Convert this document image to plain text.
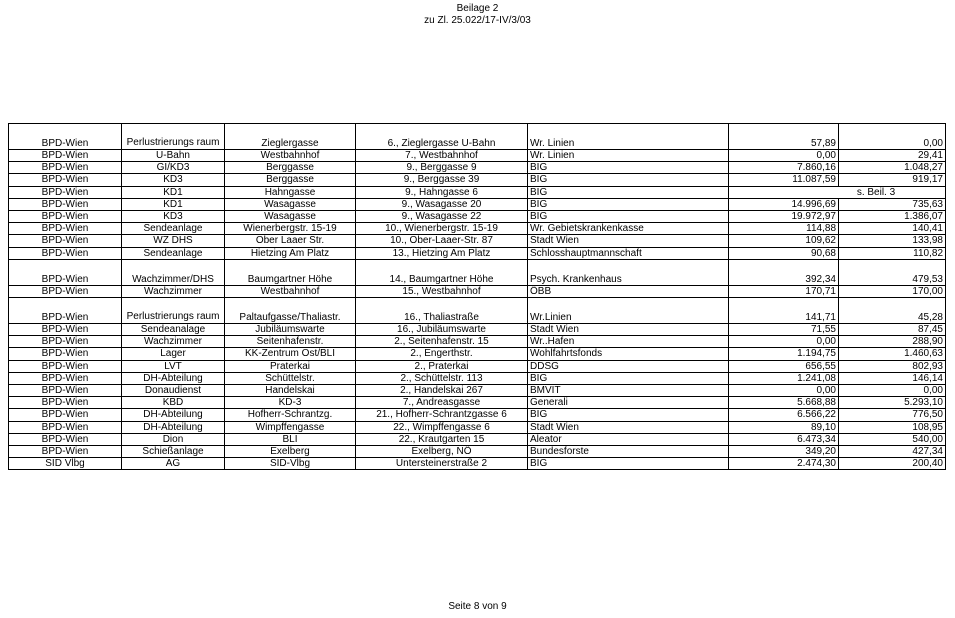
Beilage 2
zu Zl. 25.022/17-IV/3/03
BPD-Wien	Perlustrierungs raum	Zieglergasse	6., Zieglergasse U-Bahn	Wr. Linien	57,89	0,00
BPD-Wien	U-Bahn	Westbahnhof	7., Westbahnhof	Wr. Linien	0,00	29,41
BPD-Wien	GI/KD3	Berggasse	9., Berggasse 9	BIG	7.860,16	1.048,27
BPD-Wien	KD3	Berggasse	9., Berggasse 39	BIG	11.087,59	919,17
BPD-Wien	KD1	Hahngasse	9., Hahngasse 6	BIG	s. Beil. 3	
BPD-Wien	KD1	Wasagasse	9., Wasagasse 20	BIG	14.996,69	735,63
BPD-Wien	KD3	Wasagasse	9., Wasagasse 22	BIG	19.972,97	1.386,07
BPD-Wien	Sendeanlage	Wienerbergstr. 15-19	10., Wienerbergstr. 15-19	Wr. Gebietskrankenkasse	114,88	140,41
BPD-Wien	WZ DHS	Ober Laaer Str.	10., Ober-Laaer-Str. 87	Stadt Wien	109,62	133,98
BPD-Wien	Sendeanlage	Hietzing Am Platz	13., Hietzing Am Platz	Schlosshauptmannschaft	90,68	110,82
BPD-Wien	Wachzimmer/DHS	Baumgartner Höhe	14., Baumgartner Höhe	Psych. Krankenhaus	392,34	479,53
BPD-Wien	Wachzimmer	Westbahnhof	15., Westbahnhof	ÖBB	170,71	170,00
BPD-Wien	Perlustrierungs raum	Paltaufgasse/Thaliastr.	16., Thaliastraße	Wr.Linien	141,71	45,28
BPD-Wien	Sendeanalage	Jubiläumswarte	16., Jubiläumswarte	Stadt Wien	71,55	87,45
BPD-Wien	Wachzimmer	Seitenhafenstr.	2., Seitenhafenstr. 15	Wr..Hafen	0,00	288,90
BPD-Wien	Lager	KK-Zentrum Ost/BLI	2., Engerthstr.	Wohlfahrtsfonds	1.194,75	1.460,63
BPD-Wien	LVT	Praterkai	2., Praterkai	DDSG	656,55	802,93
BPD-Wien	DH-Abteilung	Schüttelstr.	2., Schüttelstr. 113	BIG	1.241,08	146,14
BPD-Wien	Donaudienst	Handelskai	2., Handelskai 267	BMVIT	0,00	0,00
BPD-Wien	KBD	KD-3	7., Andreasgasse	Generali	5.668,88	5.293,10
BPD-Wien	DH-Abteilung	Hofherr-Schrantzg.	21., Hofherr-Schrantzgasse 6	BIG	6.566,22	776,50
BPD-Wien	DH-Abteilung	Wimpffengasse	22., Wimpffengasse 6	Stadt Wien	89,10	108,95
BPD-Wien	Dion	BLI	22., Krautgarten 15	Aleator	6.473,34	540,00
BPD-Wien	Schießanlage	Exelberg	Exelberg, NÖ	Bundesforste	349,20	427,34
SID Vlbg	AG	SID-Vlbg	Untersteinerstraße 2	BIG	2.474,30	200,40
Seite 8 von 9
